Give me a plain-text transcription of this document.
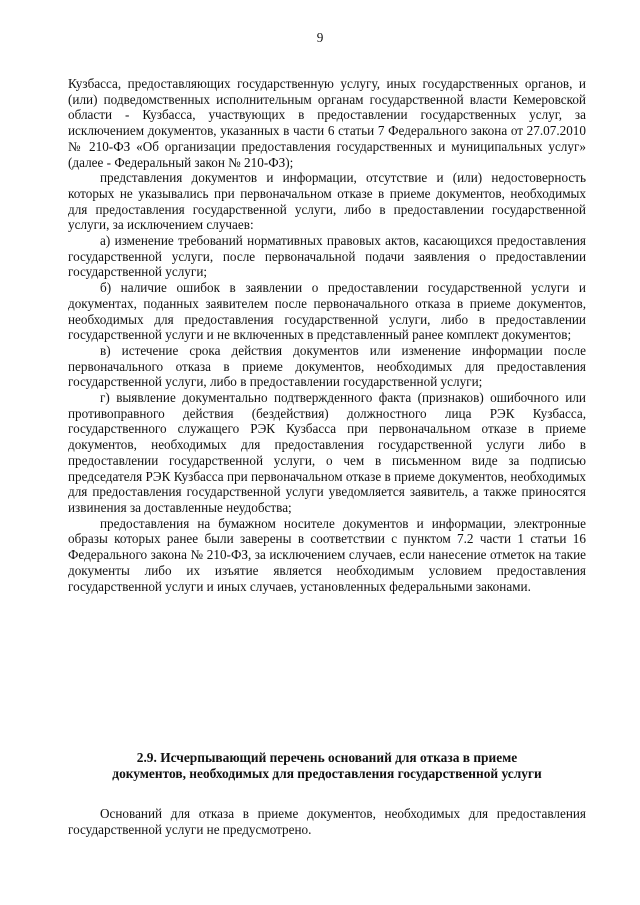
9

Кузбасса, предоставляющих государственную услугу, иных государственных органов, и (или) подведомственных исполнительным органам государственной власти Кемеровской области - Кузбасса, участвующих в предоставлении государственных услуг, за исключением документов, указанных в части 6 статьи 7 Федерального закона от 27.07.2010 № 210-ФЗ «Об организации предоставления государственных и муниципальных услуг» (далее - Федеральный закон № 210-ФЗ);

представления документов и информации, отсутствие и (или) недостоверность которых не указывались при первоначальном отказе в приеме документов, необходимых для предоставления государственной услуги, либо в предоставлении государственной услуги, за исключением случаев:

а) изменение требований нормативных правовых актов, касающихся предоставления государственной услуги, после первоначальной подачи заявления о предоставлении государственной услуги;

б) наличие ошибок в заявлении о предоставлении государственной услуги и документах, поданных заявителем после первоначального отказа в приеме документов, необходимых для предоставления государственной услуги, либо в предоставлении государственной услуги и не включенных в представленный ранее комплект документов;

в) истечение срока действия документов или изменение информации после первоначального отказа в приеме документов, необходимых для предоставления государственной услуги, либо в предоставлении государственной услуги;

г) выявление документально подтвержденного факта (признаков) ошибочного или противоправного действия (бездействия) должностного лица РЭК Кузбасса, государственного служащего РЭК Кузбасса при первоначальном отказе в приеме документов, необходимых для предоставления государственной услуги либо в предоставлении государственной услуги, о чем в письменном виде за подписью председателя РЭК Кузбасса при первоначальном отказе в приеме документов, необходимых для предоставления государственной услуги уведомляется заявитель, а также приносятся извинения за доставленные неудобства;

предоставления на бумажном носителе документов и информации, электронные образы которых ранее были заверены в соответствии с пунктом 7.2 части 1 статьи 16 Федерального закона № 210-ФЗ, за исключением случаев, если нанесение отметок на такие документы либо их изъятие является необходимым условием предоставления государственной услуги и иных случаев, установленных федеральными законами.

2.9. Исчерпывающий перечень оснований для отказа в приеме
документов, необходимых для предоставления государственной услуги

Оснований для отказа в приеме документов, необходимых для предоставления государственной услуги не предусмотрено.
